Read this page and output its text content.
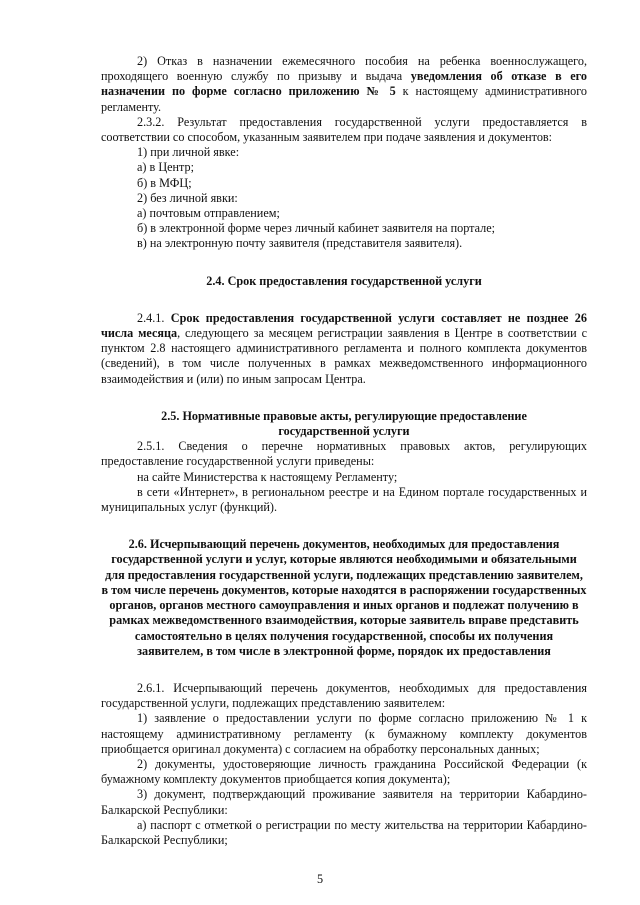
2) Отказ в назначении ежемесячного пособия на ребенка военнослужащего, проходящего военную службу по призыву и выдача уведомления об отказе в его назначении по форме согласно приложению № 5 к настоящему административного регламенту.

2.3.2. Результат предоставления государственной услуги предоставляется в соответствии со способом, указанным заявителем при подаче заявления и документов:

1) при личной явке:

а) в Центр;

б) в МФЦ;

2) без личной явки:

а) почтовым отправлением;

б) в электронной форме через личный кабинет заявителя на портале;

в) на электронную почту заявителя (представителя заявителя).

2.4. Срок предоставления государственной услуги

2.4.1. Срок предоставления государственной услуги составляет не позднее 26 числа месяца, следующего за месяцем регистрации заявления в Центре в соответствии с пунктом 2.8 настоящего административного регламента и полного комплекта документов (сведений), в том числе полученных в рамках межведомственного информационного взаимодействия и (или) по иным запросам Центра.

2.5. Нормативные правовые акты, регулирующие предоставление
государственной услуги

2.5.1. Сведения о перечне нормативных правовых актов, регулирующих предоставление государственной услуги приведены:

на сайте Министерства к настоящему Регламенту;

в сети «Интернет», в региональном реестре и на Едином портале государственных и муниципальных услуг (функций).

2.6. Исчерпывающий перечень документов, необходимых для предоставления государственной услуги и услуг, которые являются необходимыми и обязательными
для предоставления государственной услуги, подлежащих представлению заявителем, в том числе перечень документов, которые находятся в распоряжении государственных органов, органов местного самоуправления и иных органов и подлежат получению в рамках межведомственного взаимодействия, которые заявитель вправе представить самостоятельно в целях получения государственной, способы их получения заявителем, в том числе в электронной форме, порядок их предоставления

2.6.1. Исчерпывающий перечень документов, необходимых для предоставления государственной услуги, подлежащих представлению заявителем:

1) заявление о предоставлении услуги по форме согласно приложению № 1 к настоящему административному регламенту (к бумажному комплекту документов приобщается оригинал документа) с согласием на обработку персональных данных;

2) документы, удостоверяющие личность гражданина Российской Федерации (к бумажному комплекту документов приобщается копия документа);

3) документ, подтверждающий проживание заявителя на территории Кабардино-Балкарской Республики:

а) паспорт с отметкой о регистрации по месту жительства на территории Кабардино-Балкарской Республики;

5
